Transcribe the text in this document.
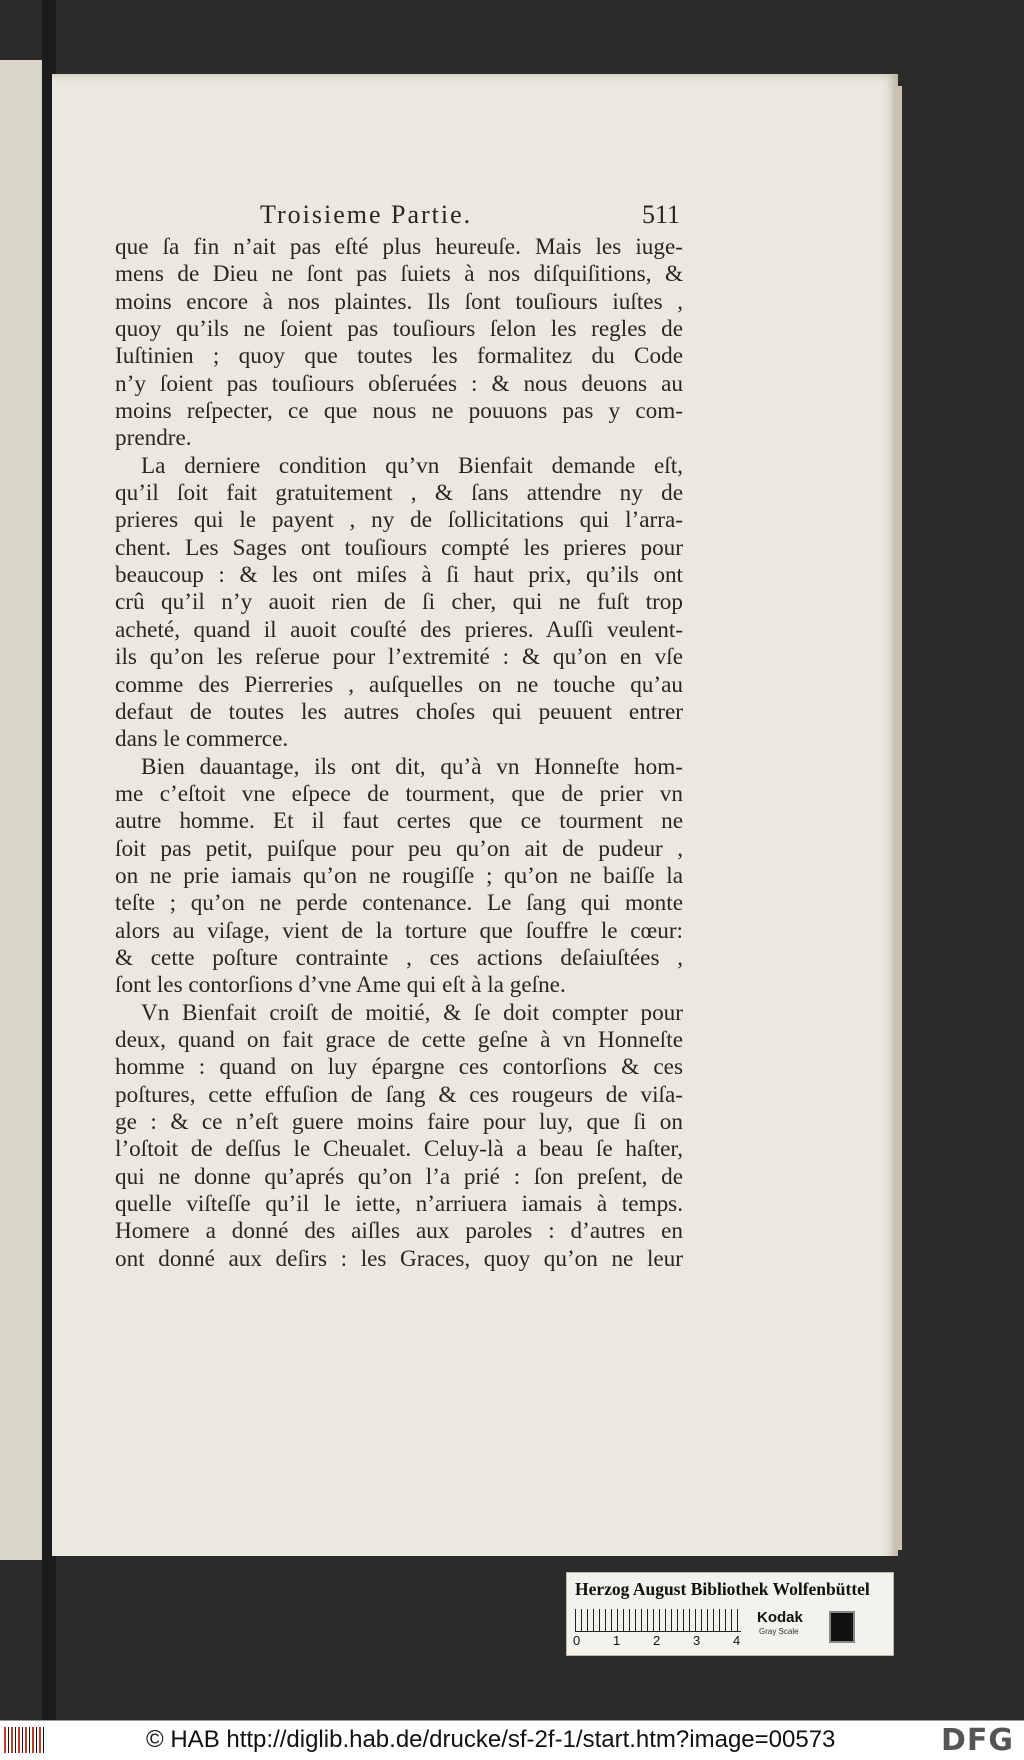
Troisieme Partie.	511
que ſa fin n’ait pas eſté plus heureuſe. Mais les iuge-
mens de Dieu ne ſont pas ſuiets à nos diſquiſitions, &
moins encore à nos plaintes. Ils ſont touſiours iuſtes ,
quoy qu’ils ne ſoient pas touſiours ſelon les regles de
Iuſtinien ; quoy que toutes les formalitez du Code
n’y ſoient pas touſiours obſeruées : & nous deuons au
moins reſpecter, ce que nous ne pouuons pas y com-
prendre.
La derniere condition qu’vn Bienfait demande eſt,
qu’il ſoit fait gratuitement , & ſans attendre ny de
prieres qui le payent , ny de ſollicitations qui l’arra-
chent. Les Sages ont touſiours compté les prieres pour
beaucoup : & les ont miſes à ſi haut prix, qu’ils ont
crû qu’il n’y auoit rien de ſi cher, qui ne fuſt trop
acheté, quand il auoit couſté des prieres. Auſſi veulent-
ils qu’on les reſerue pour l’extremité : & qu’on en vſe
comme des Pierreries , auſquelles on ne touche qu’au
defaut de toutes les autres choſes qui peuuent entrer
dans le commerce.
Bien dauantage, ils ont dit, qu’à vn Honneſte hom-
me c’eſtoit vne eſpece de tourment, que de prier vn
autre homme. Et il faut certes que ce tourment ne
ſoit pas petit, puiſque pour peu qu’on ait de pudeur ,
on ne prie iamais qu’on ne rougiſſe ; qu’on ne baiſſe la
teſte ; qu’on ne perde contenance. Le ſang qui monte
alors au viſage, vient de la torture que ſouffre le cœur:
& cette poſture contrainte , ces actions deſaiuſtées ,
ſont les contorſions d’vne Ame qui eſt à la geſne.
Vn Bienfait croiſt de moitié, & ſe doit compter pour
deux, quand on fait grace de cette geſne à vn Honneſte
homme : quand on luy épargne ces contorſions & ces
poſtures, cette effuſion de ſang & ces rougeurs de viſa-
ge : & ce n’eſt guere moins faire pour luy, que ſi on
l’oſtoit de deſſus le Cheualet. Celuy-là a beau ſe haſter,
qui ne donne qu’aprés qu’on l’a prié : ſon preſent, de
quelle viſteſſe qu’il le iette, n’arriuera iamais à temps.
Homere a donné des aiſles aux paroles : d’autres en
ont donné aux deſirs : les Graces, quoy qu’on ne leur
Herzog August Bibliothek Wolfenbüttel
0	1	2	3	4
Kodak
Gray Scale
© HAB http://diglib.hab.de/drucke/sf-2f-1/start.htm?image=00573	DFG
